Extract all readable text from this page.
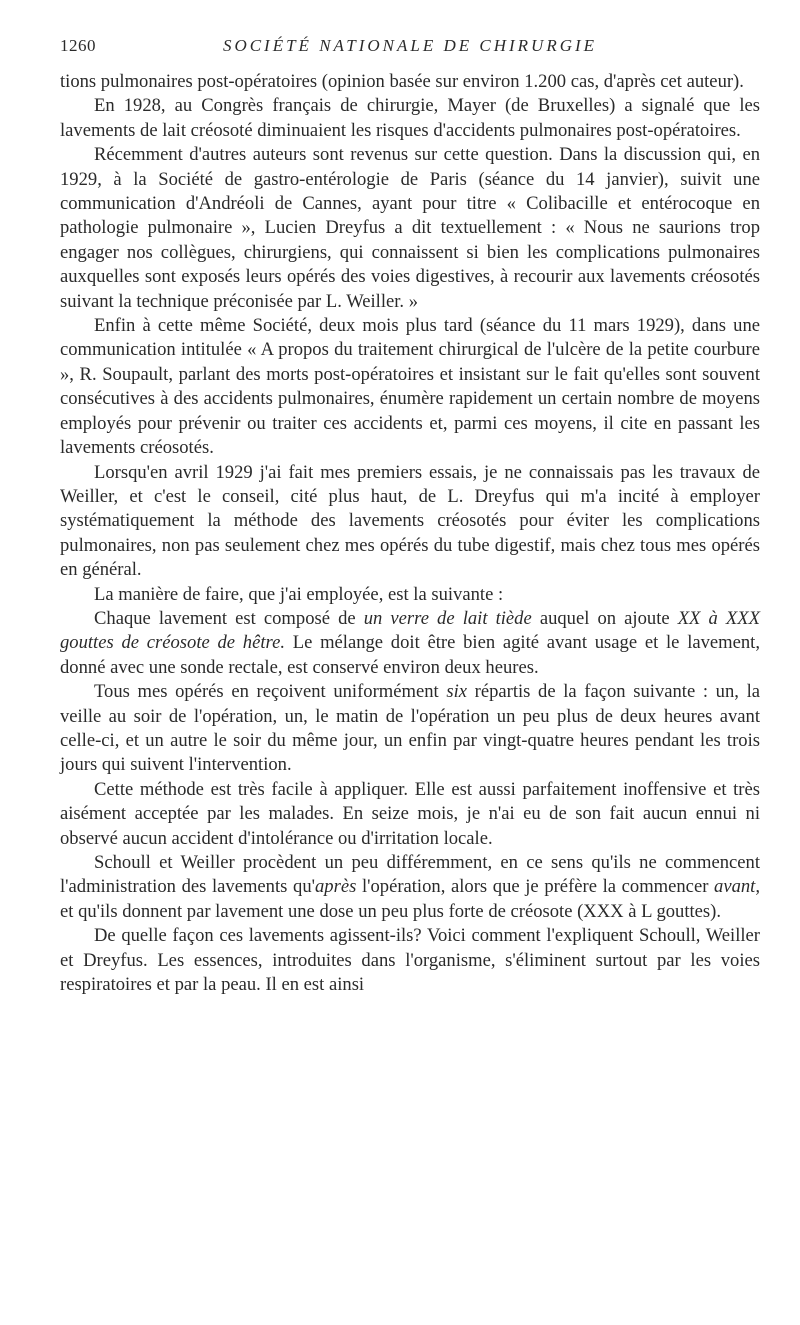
1260	SOCIÉTÉ NATIONALE DE CHIRURGIE

tions pulmonaires post-opératoires (opinion basée sur environ 1.200 cas, d'après cet auteur).

En 1928, au Congrès français de chirurgie, Mayer (de Bruxelles) a signalé que les lavements de lait créosoté diminuaient les risques d'accidents pulmonaires post-opératoires.

Récemment d'autres auteurs sont revenus sur cette question. Dans la discussion qui, en 1929, à la Société de gastro-entérologie de Paris (séance du 14 janvier), suivit une communication d'Andréoli de Cannes, ayant pour titre « Colibacille et entérocoque en pathologie pulmonaire », Lucien Dreyfus a dit textuellement : « Nous ne saurions trop engager nos collègues, chirurgiens, qui connaissent si bien les complications pulmonaires auxquelles sont exposés leurs opérés des voies digestives, à recourir aux lavements créosotés suivant la technique préconisée par L. Weiller. »

Enfin à cette même Société, deux mois plus tard (séance du 11 mars 1929), dans une communication intitulée « A propos du traitement chirurgical de l'ulcère de la petite courbure », R. Soupault, parlant des morts post-opératoires et insistant sur le fait qu'elles sont souvent consécutives à des accidents pulmonaires, énumère rapidement un certain nombre de moyens employés pour prévenir ou traiter ces accidents et, parmi ces moyens, il cite en passant les lavements créosotés.

Lorsqu'en avril 1929 j'ai fait mes premiers essais, je ne connaissais pas les travaux de Weiller, et c'est le conseil, cité plus haut, de L. Dreyfus qui m'a incité à employer systématiquement la méthode des lavements créosotés pour éviter les complications pulmonaires, non pas seulement chez mes opérés du tube digestif, mais chez tous mes opérés en général.

La manière de faire, que j'ai employée, est la suivante :

Chaque lavement est composé de un verre de lait tiède auquel on ajoute XX à XXX gouttes de créosote de hêtre. Le mélange doit être bien agité avant usage et le lavement, donné avec une sonde rectale, est conservé environ deux heures.

Tous mes opérés en reçoivent uniformément six répartis de la façon suivante : un, la veille au soir de l'opération, un, le matin de l'opération un peu plus de deux heures avant celle-ci, et un autre le soir du même jour, un enfin par vingt-quatre heures pendant les trois jours qui suivent l'intervention.

Cette méthode est très facile à appliquer. Elle est aussi parfaitement inoffensive et très aisément acceptée par les malades. En seize mois, je n'ai eu de son fait aucun ennui ni observé aucun accident d'intolérance ou d'irritation locale.

Schoull et Weiller procèdent un peu différemment, en ce sens qu'ils ne commencent l'administration des lavements qu'après l'opération, alors que je préfère la commencer avant, et qu'ils donnent par lavement une dose un peu plus forte de créosote (XXX à L gouttes).

De quelle façon ces lavements agissent-ils? Voici comment l'expliquent Schoull, Weiller et Dreyfus. Les essences, introduites dans l'organisme, s'éliminent surtout par les voies respiratoires et par la peau. Il en est ainsi
